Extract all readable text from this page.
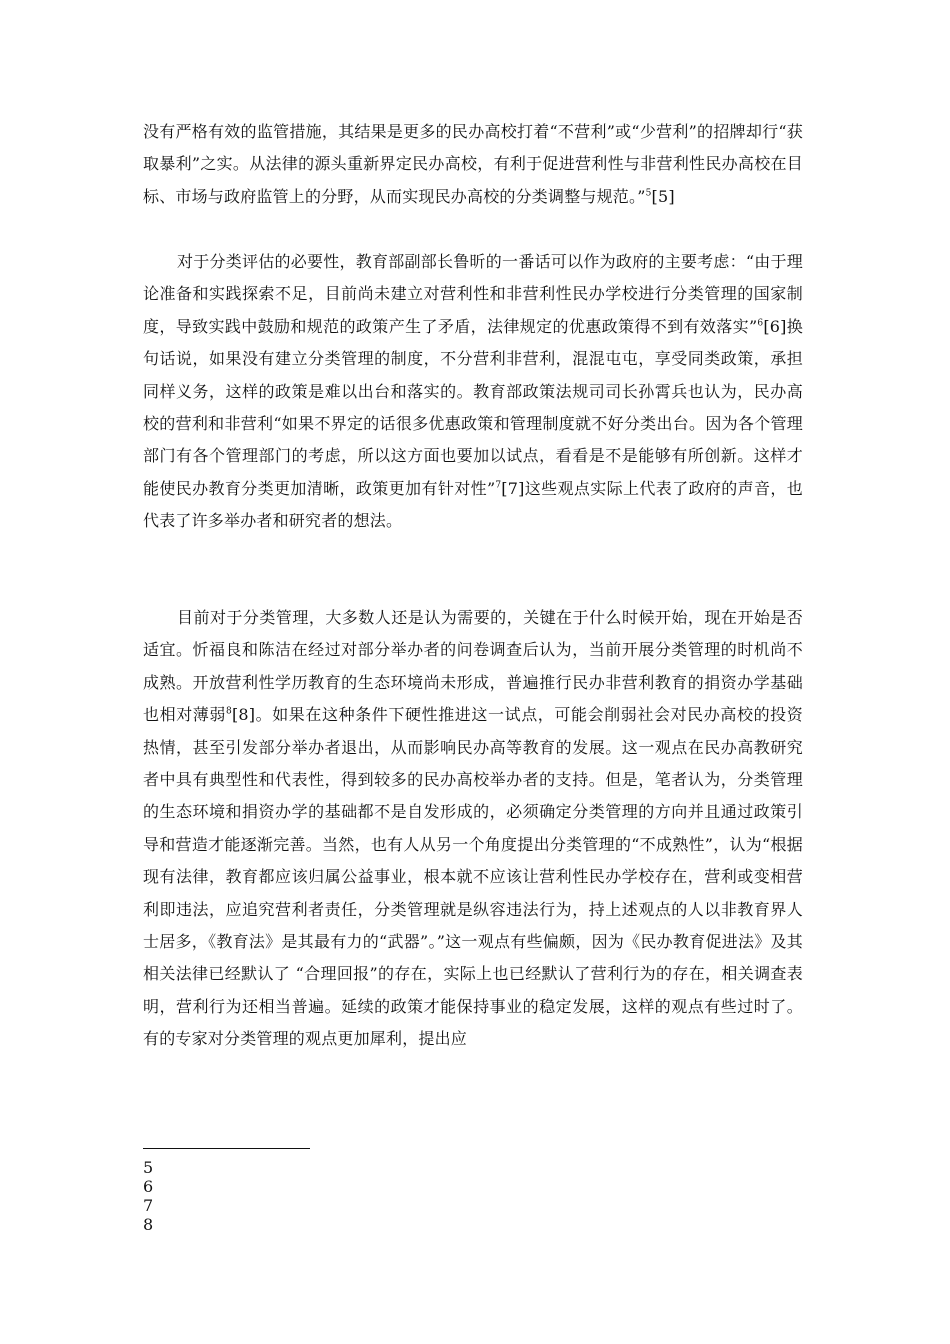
没有严格有效的监管措施，其结果是更多的民办高校打着“不营利”或“少营利”的招牌却行“获取暴利”之实。从法律的源头重新界定民办高校，有利于促进营利性与非营利性民办高校在目标、市场与政府监管上的分野，从而实现民办高校的分类调整与规范。”$^5$[5]

对于分类评估的必要性，教育部副部长鲁昕的一番话可以作为政府的主要考虑：“由于理论准备和实践探索不足，目前尚未建立对营利性和非营利性民办学校进行分类管理的国家制度，导致实践中鼓励和规范的政策产生了矛盾，法律规定的优惠政策得不到有效落实”$^6$[6]换句话说，如果没有建立分类管理的制度，不分营利非营利，混混屯屯，享受同类政策，承担同样义务，这样的政策是难以出台和落实的。教育部政策法规司司长孙霄兵也认为，民办高校的营利和非营利“如果不界定的话很多优惠政策和管理制度就不好分类出台。因为各个管理部门有各个管理部门的考虑，所以这方面也要加以试点，看看是不是能够有所创新。这样才能使民办教育分类更加清晰，政策更加有针对性”$^7$[7]这些观点实际上代表了政府的声音，也代表了许多举办者和研究者的想法。

目前对于分类管理，大多数人还是认为需要的，关键在于什么时候开始，现在开始是否适宜。忻福良和陈洁在经过对部分举办者的问卷调查后认为，当前开展分类管理的时机尚不成熟。开放营利性学历教育的生态环境尚未形成，普遍推行民办非营利教育的捐资办学基础也相对薄弱$^8$[8]。如果在这种条件下硬性推进这一试点，可能会削弱社会对民办高校的投资热情，甚至引发部分举办者退出，从而影响民办高等教育的发展。这一观点在民办高教研究者中具有典型性和代表性，得到较多的民办高校举办者的支持。但是，笔者认为，分类管理的生态环境和捐资办学的基础都不是自发形成的，必须确定分类管理的方向并且通过政策引导和营造才能逐渐完善。当然，也有人从另一个角度提出分类管理的“不成熟性”，认为“根据现有法律，教育都应该归属公益事业，根本就不应该让营利性民办学校存在，营利或变相营利即违法，应追究营利者责任，分类管理就是纵容违法行为，持上述观点的人以非教育界人士居多，《教育法》是其最有力的“武器”。”这一观点有些偏颇，因为《民办教育促进法》及其相关法律已经默认了 “合理回报”的存在，实际上也已经默认了营利行为的存在，相关调查表明，营利行为还相当普遍。延续的政策才能保持事业的稳定发展，这样的观点有些过时了。有的专家对分类管理的观点更加犀利，提出应

5
6
7
8
